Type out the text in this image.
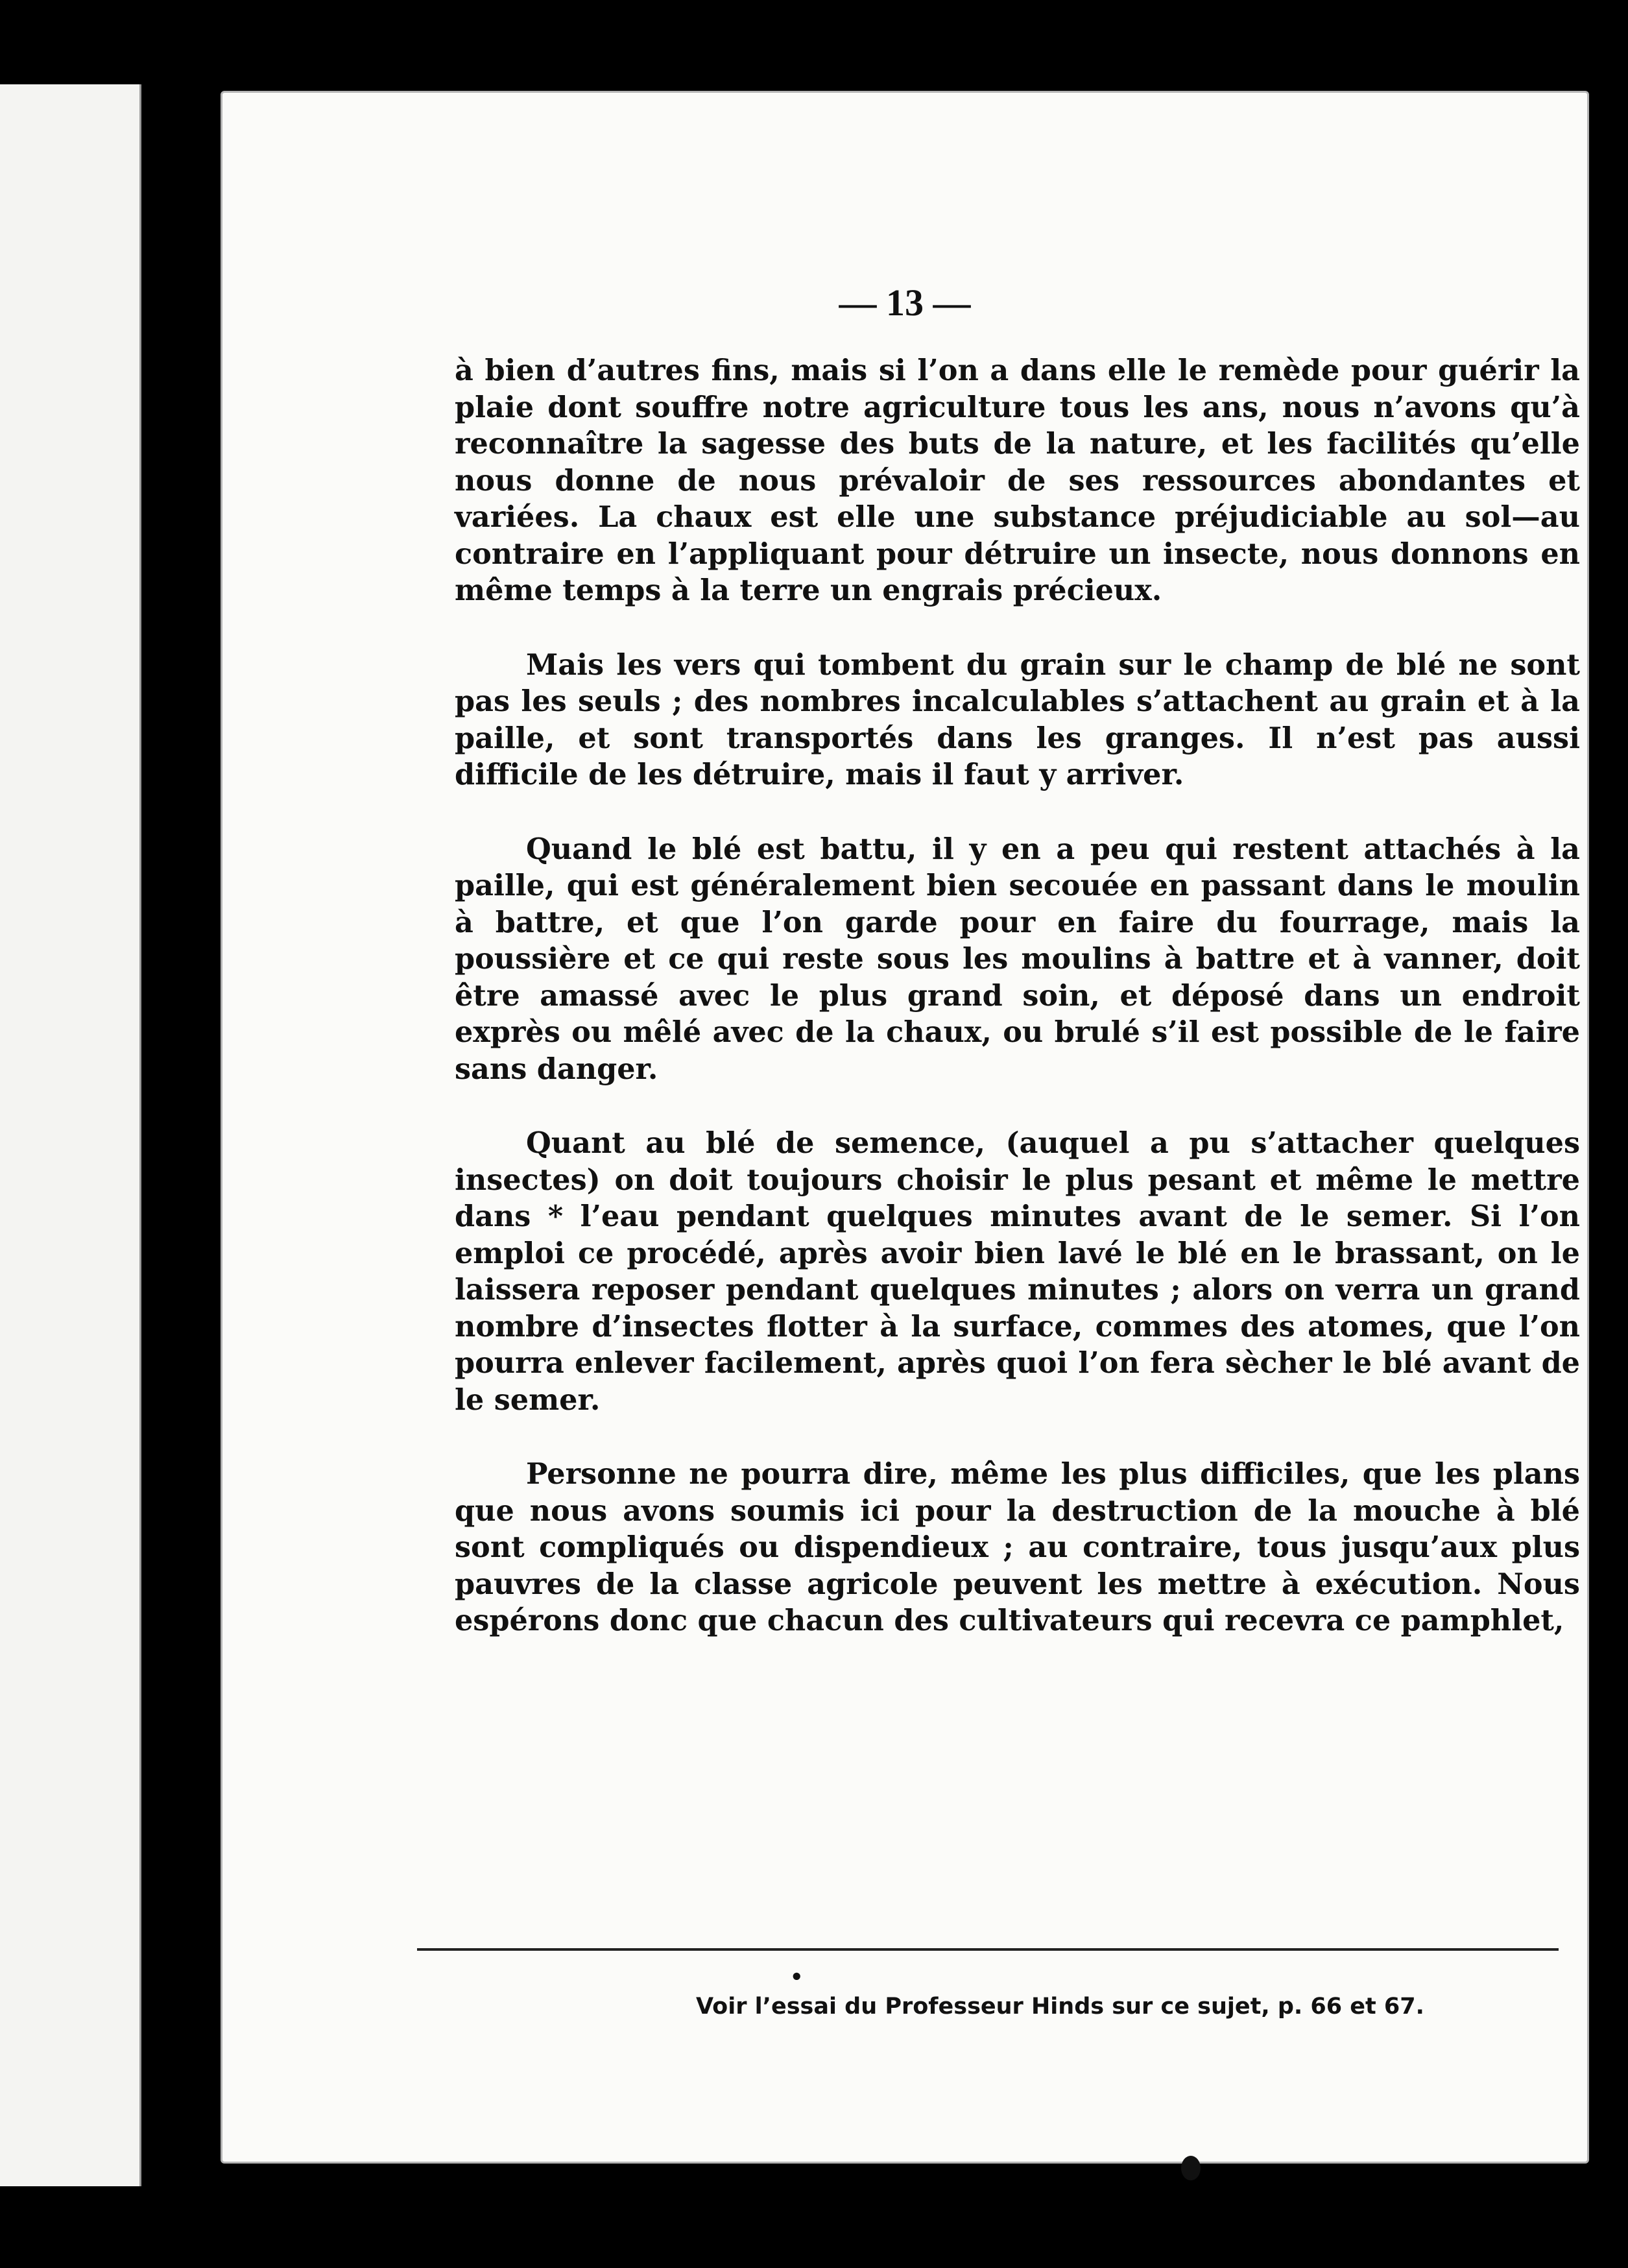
— 13 —

à bien d’autres fins, mais si l’on a dans elle le remède pour guérir la plaie dont souffre notre agriculture tous les ans, nous n’avons qu’à reconnaître la sagesse des buts de la nature, et les facilités qu’elle nous donne de nous prévaloir de ses ressources abondantes et variées. La chaux est elle une substance préjudiciable au sol—au contraire en l’appliquant pour détruire un insecte, nous donnons en même temps à la terre un engrais précieux.

Mais les vers qui tombent du grain sur le champ de blé ne sont pas les seuls ; des nombres incalculables s’attachent au grain et à la paille, et sont transportés dans les granges. Il n’est pas aussi difficile de les détruire, mais il faut y arriver.

Quand le blé est battu, il y en a peu qui restent attachés à la paille, qui est généralement bien secouée en passant dans le moulin à battre, et que l’on garde pour en faire du fourrage, mais la poussière et ce qui reste sous les moulins à battre et à vanner, doit être amassé avec le plus grand soin, et déposé dans un endroit exprès ou mêlé avec de la chaux, ou brulé s’il est possible de le faire sans danger.

Quant au blé de semence, (auquel a pu s’attacher quelques insectes) on doit toujours choisir le plus pesant et même le mettre dans * l’eau pendant quelques minutes avant de le semer. Si l’on emploi ce procédé, après avoir bien lavé le blé en le brassant, on le laissera reposer pendant quelques minutes ; alors on verra un grand nombre d’insectes flotter à la surface, commes des atomes, que l’on pourra enlever facilement, après quoi l’on fera sècher le blé avant de le semer.

Personne ne pourra dire, même les plus difficiles, que les plans que nous avons soumis ici pour la destruction de la mouche à blé sont compliqués ou dispendieux ; au contraire, tous jusqu’aux plus pauvres de la classe agricole peuvent les mettre à exécution. Nous espérons donc que chacun des cultivateurs qui recevra ce pamphlet,

•

Voir l’essai du Professeur Hinds sur ce sujet, p. 66 et 67.
